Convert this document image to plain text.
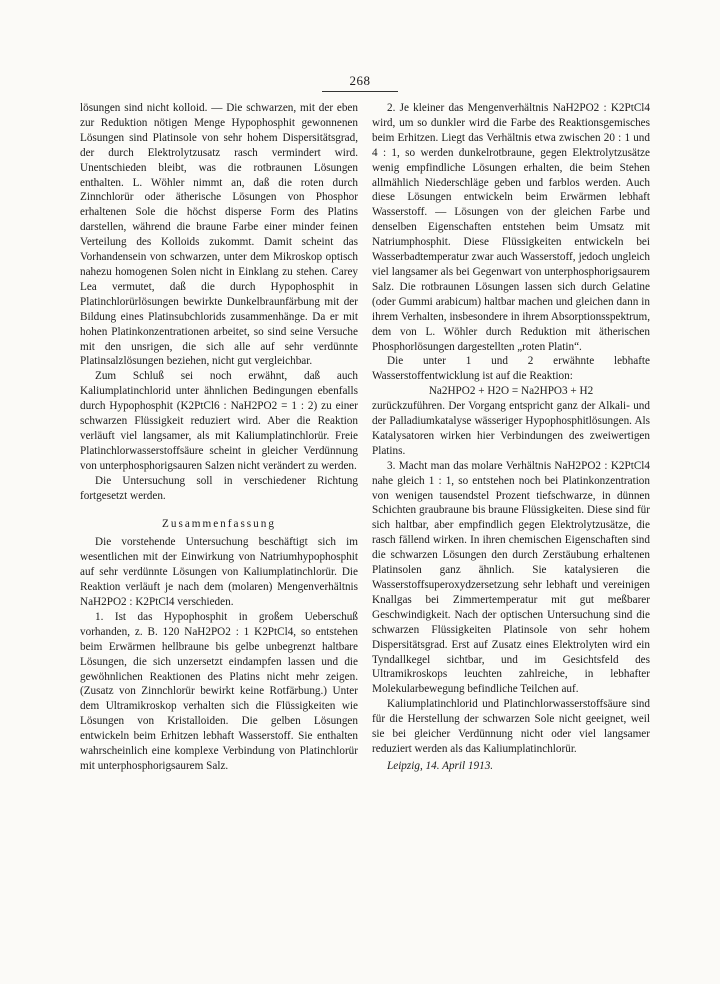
268

lösungen sind nicht kolloid. — Die schwarzen, mit der eben zur Reduktion nötigen Menge Hypophosphit gewonnenen Lösungen sind Platinsole von sehr hohem Dispersitätsgrad, der durch Elektrolytzusatz rasch vermindert wird. Unentschieden bleibt, was die rotbraunen Lösungen enthalten. L. Wöhler nimmt an, daß die roten durch Zinnchlorür oder ätherische Lösungen von Phosphor erhaltenen Sole die höchst disperse Form des Platins darstellen, während die braune Farbe einer minder feinen Verteilung des Kolloids zukommt. Damit scheint das Vorhandensein von schwarzen, unter dem Mikroskop optisch nahezu homogenen Solen nicht in Einklang zu stehen. Carey Lea vermutet, daß die durch Hypophosphit in Platinchlorürlösungen bewirkte Dunkelbraunfärbung mit der Bildung eines Platinsubchlorids zusammenhänge. Da er mit hohen Platinkonzentrationen arbeitet, so sind seine Versuche mit den unsrigen, die sich alle auf sehr verdünnte Platinsalzlösungen beziehen, nicht gut vergleichbar.

Zum Schluß sei noch erwähnt, daß auch Kaliumplatinchlorid unter ähnlichen Bedingungen ebenfalls durch Hypophosphit (K2PtCl6 : NaH2PO2 = 1 : 2) zu einer schwarzen Flüssigkeit reduziert wird. Aber die Reaktion verläuft viel langsamer, als mit Kaliumplatinchlorür. Freie Platinchlorwasserstoffsäure scheint in gleicher Verdünnung von unterphosphorigsauren Salzen nicht verändert zu werden.

Die Untersuchung soll in verschiedener Richtung fortgesetzt werden.

Zusammenfassung

Die vorstehende Untersuchung beschäftigt sich im wesentlichen mit der Einwirkung von Natriumhypophosphit auf sehr verdünnte Lösungen von Kaliumplatinchlorür. Die Reaktion verläuft je nach dem (molaren) Mengenverhältnis NaH2PO2 : K2PtCl4 verschieden.

1. Ist das Hypophosphit in großem Ueberschuß vorhanden, z. B. 120 NaH2PO2 : 1 K2PtCl4, so entstehen beim Erwärmen hellbraune bis gelbe unbegrenzt haltbare Lösungen, die sich unzersetzt eindampfen lassen und die gewöhnlichen Reaktionen des Platins nicht mehr zeigen. (Zusatz von Zinnchlorür bewirkt keine Rotfärbung.) Unter dem Ultramikroskop verhalten sich die Flüssigkeiten wie Lösungen von Kristalloiden. Die gelben Lösungen entwickeln beim Erhitzen lebhaft Wasserstoff. Sie enthalten wahrscheinlich eine komplexe Verbindung von Platinchlorür mit unterphosphorigsaurem Salz.

2. Je kleiner das Mengenverhältnis NaH2PO2 : K2PtCl4 wird, um so dunkler wird die Farbe des Reaktionsgemisches beim Erhitzen. Liegt das Verhältnis etwa zwischen 20 : 1 und 4 : 1, so werden dunkelrotbraune, gegen Elektrolytzusätze wenig empfindliche Lösungen erhalten, die beim Stehen allmählich Niederschläge geben und farblos werden. Auch diese Lösungen entwickeln beim Erwärmen lebhaft Wasserstoff. — Lösungen von der gleichen Farbe und denselben Eigenschaften entstehen beim Umsatz mit Natriumphosphit. Diese Flüssigkeiten entwickeln bei Wasserbadtemperatur zwar auch Wasserstoff, jedoch ungleich viel langsamer als bei Gegenwart von unterphosphorigsaurem Salz. Die rotbraunen Lösungen lassen sich durch Gelatine (oder Gummi arabicum) haltbar machen und gleichen dann in ihrem Verhalten, insbesondere in ihrem Absorptionsspektrum, dem von L. Wöhler durch Reduktion mit ätherischen Phosphorlösungen dargestellten „roten Platin“.

Die unter 1 und 2 erwähnte lebhafte Wasserstoffentwicklung ist auf die Reaktion:

Na2HPO2 + H2O = Na2HPO3 + H2

zurückzuführen. Der Vorgang entspricht ganz der Alkali- und der Palladiumkatalyse wässeriger Hypophosphitlösungen. Als Katalysatoren wirken hier Verbindungen des zweiwertigen Platins.

3. Macht man das molare Verhältnis NaH2PO2 : K2PtCl4 nahe gleich 1 : 1, so entstehen noch bei Platinkonzentration von wenigen tausendstel Prozent tiefschwarze, in dünnen Schichten graubraune bis braune Flüssigkeiten. Diese sind für sich haltbar, aber empfindlich gegen Elektrolytzusätze, die rasch fällend wirken. In ihren chemischen Eigenschaften sind die schwarzen Lösungen den durch Zerstäubung erhaltenen Platinsolen ganz ähnlich. Sie katalysieren die Wasserstoffsuperoxydzersetzung sehr lebhaft und vereinigen Knallgas bei Zimmertemperatur mit gut meßbarer Geschwindigkeit. Nach der optischen Untersuchung sind die schwarzen Flüssigkeiten Platinsole von sehr hohem Dispersitätsgrad. Erst auf Zusatz eines Elektrolyten wird ein Tyndallkegel sichtbar, und im Gesichtsfeld des Ultramikroskops leuchten zahlreiche, in lebhafter Molekularbewegung befindliche Teilchen auf.

Kaliumplatinchlorid und Platinchlorwasserstoffsäure sind für die Herstellung der schwarzen Sole nicht geeignet, weil sie bei gleicher Verdünnung nicht oder viel langsamer reduziert werden als das Kaliumplatinchlorür.

Leipzig, 14. April 1913.
